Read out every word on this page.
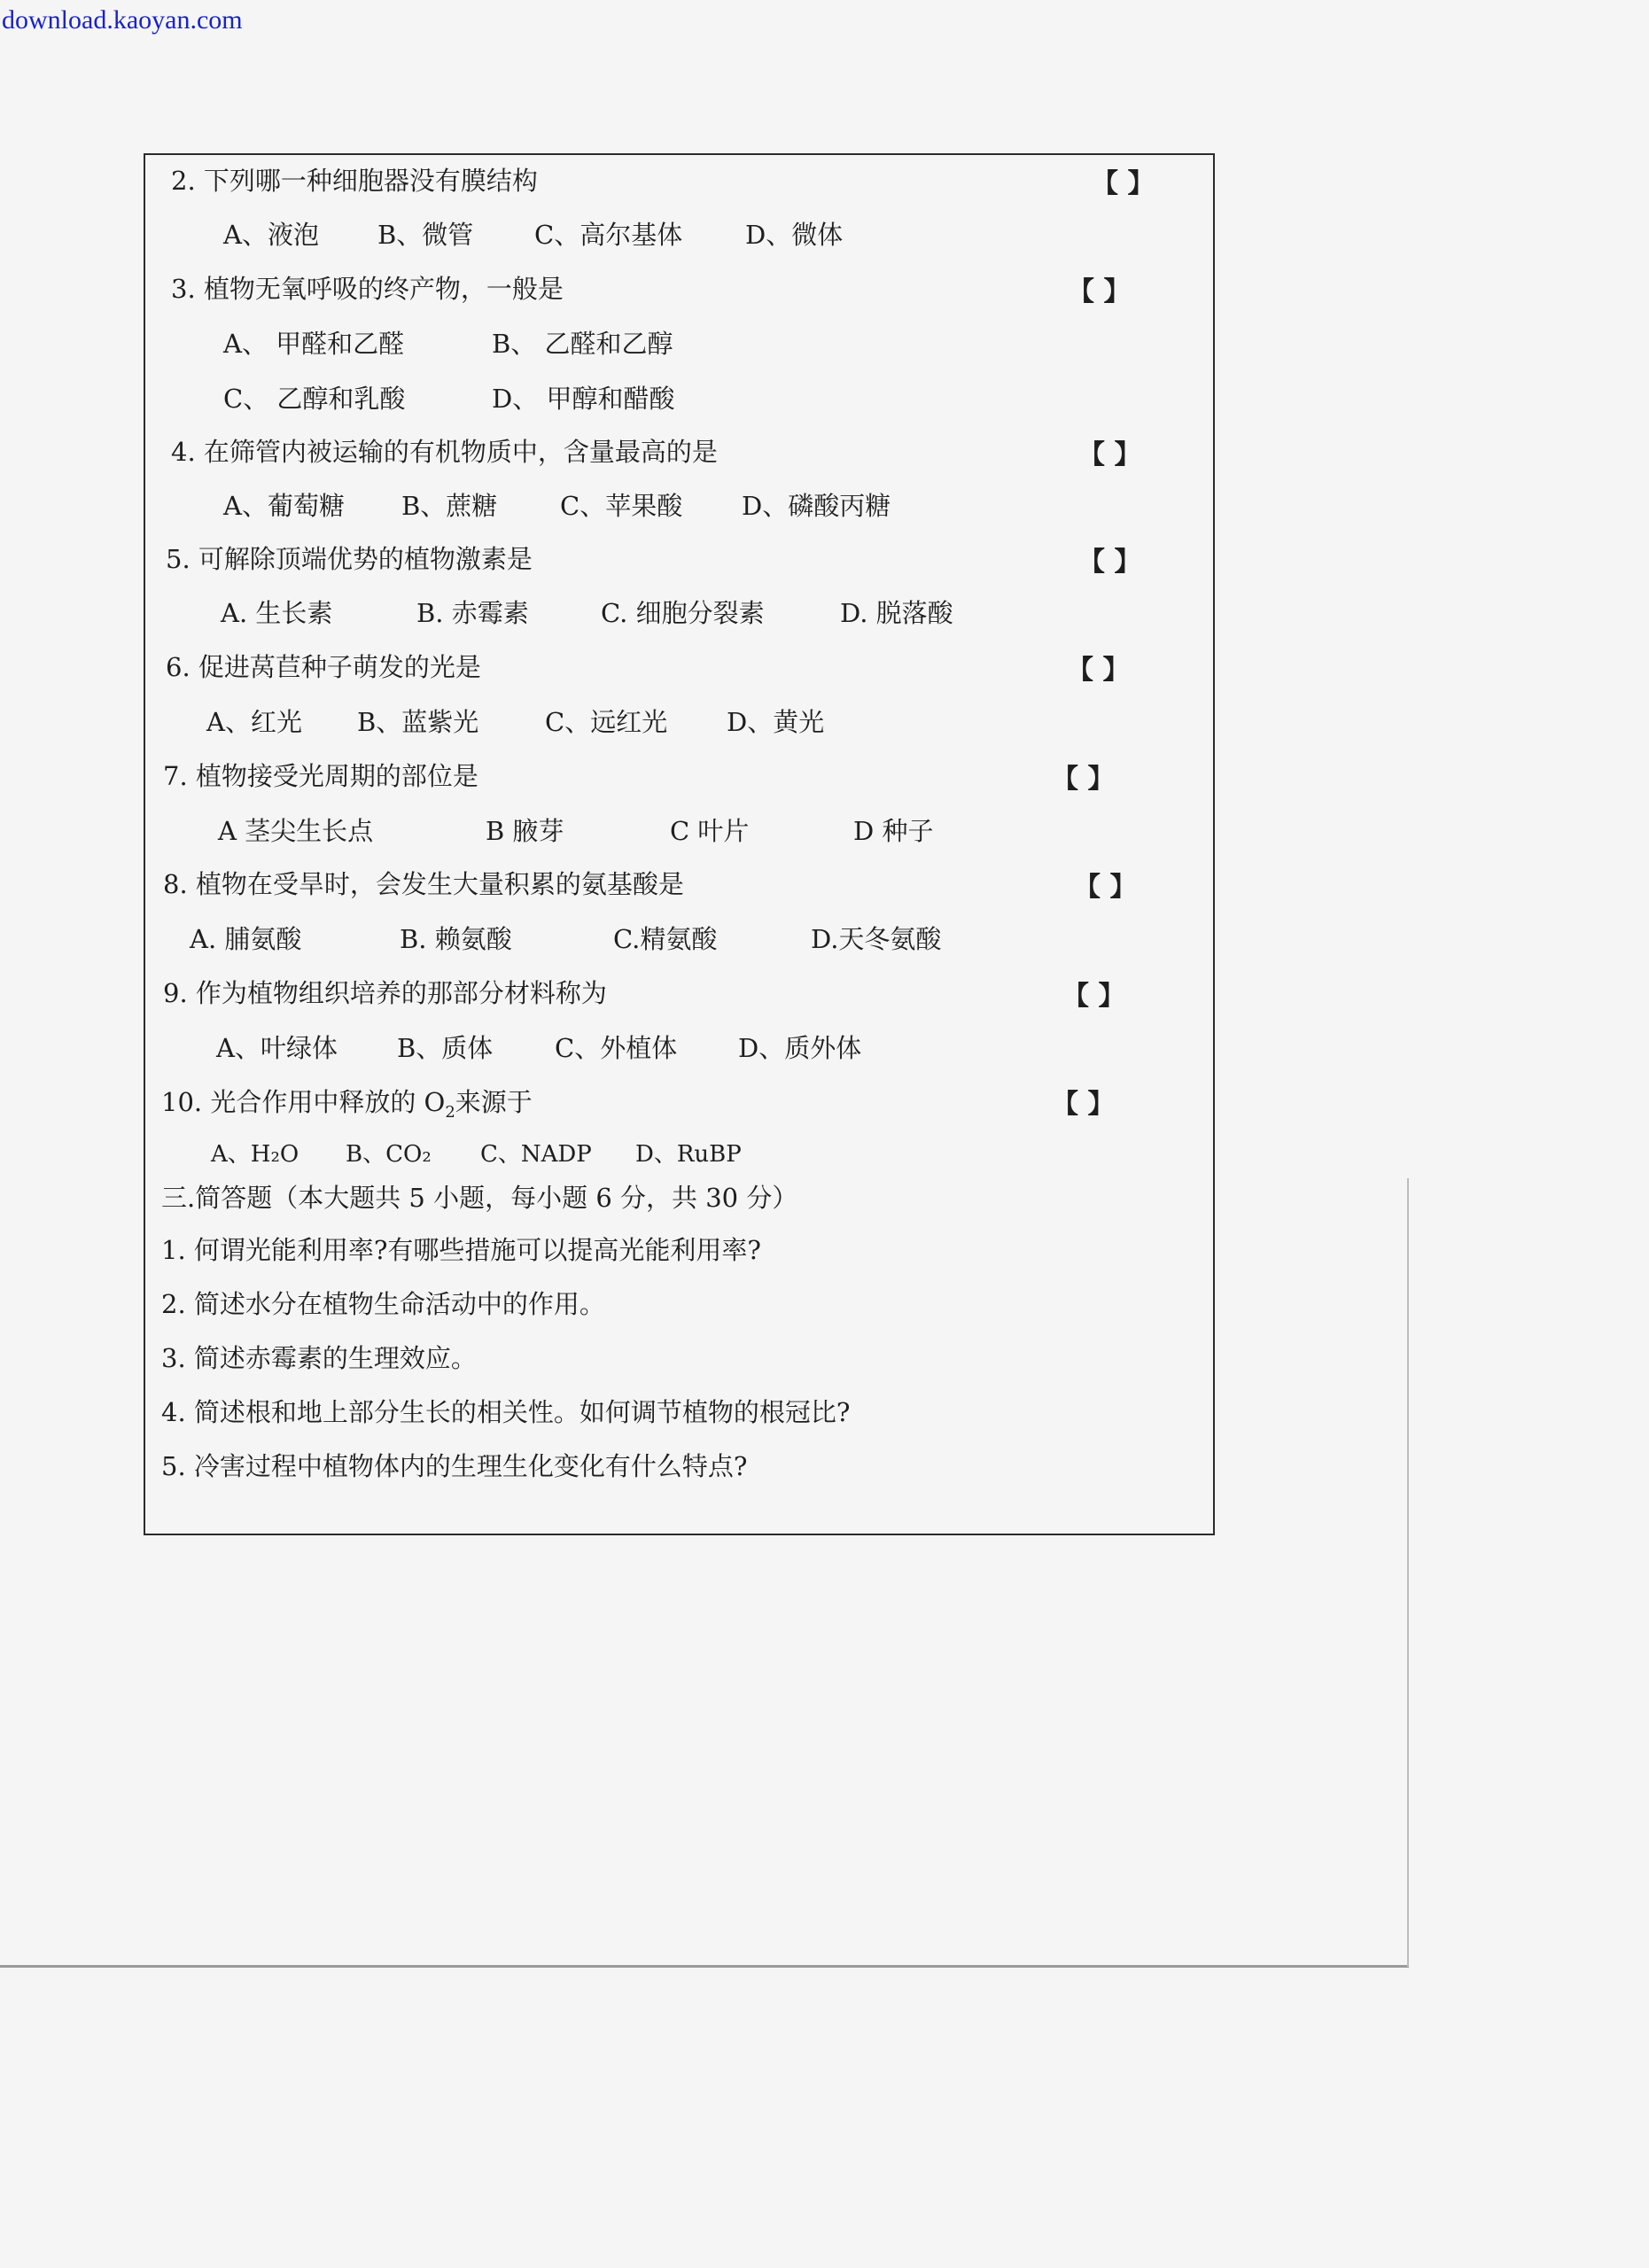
download.kaoyan.com
2. 下列哪一种细胞器没有膜结构	【 】
A、液泡 B、微管 C、高尔基体 D、微体
3. 植物无氧呼吸的终产物，一般是	【 】
A、 甲醛和乙醛	B、 乙醛和乙醇
C、 乙醇和乳酸	D、 甲醇和醋酸
4. 在筛管内被运输的有机物质中，含量最高的是	【 】
A、葡萄糖 B、蔗糖 C、苹果酸 D、磷酸丙糖
5. 可解除顶端优势的植物激素是	【 】
A. 生长素	B. 赤霉素	C. 细胞分裂素	D. 脱落酸
6. 促进莴苣种子萌发的光是	【 】
A、红光 B、蓝紫光	C、远红光 D、黄光
7. 植物接受光周期的部位是	【 】
A 茎尖生长点	B 腋芽	C 叶片	D 种子
8. 植物在受旱时，会发生大量积累的氨基酸是	【 】
A. 脯氨酸	B. 赖氨酸	C.精氨酸	D.天冬氨酸
9. 作为植物组织培养的那部分材料称为	【 】
A、叶绿体 B、质体 C、外植体 D、质外体
10. 光合作用中释放的 $O_2$来源于	【 】
A、H₂O B、CO₂ C、NADP D、RuBP
三.简答题（本大题共 5 小题，每小题 6 分，共 30 分）
1. 何谓光能利用率?有哪些措施可以提高光能利用率?
2. 简述水分在植物生命活动中的作用。
3. 简述赤霉素的生理效应。
4. 简述根和地上部分生长的相关性。如何调节植物的根冠比?
5. 冷害过程中植物体内的生理生化变化有什么特点?
